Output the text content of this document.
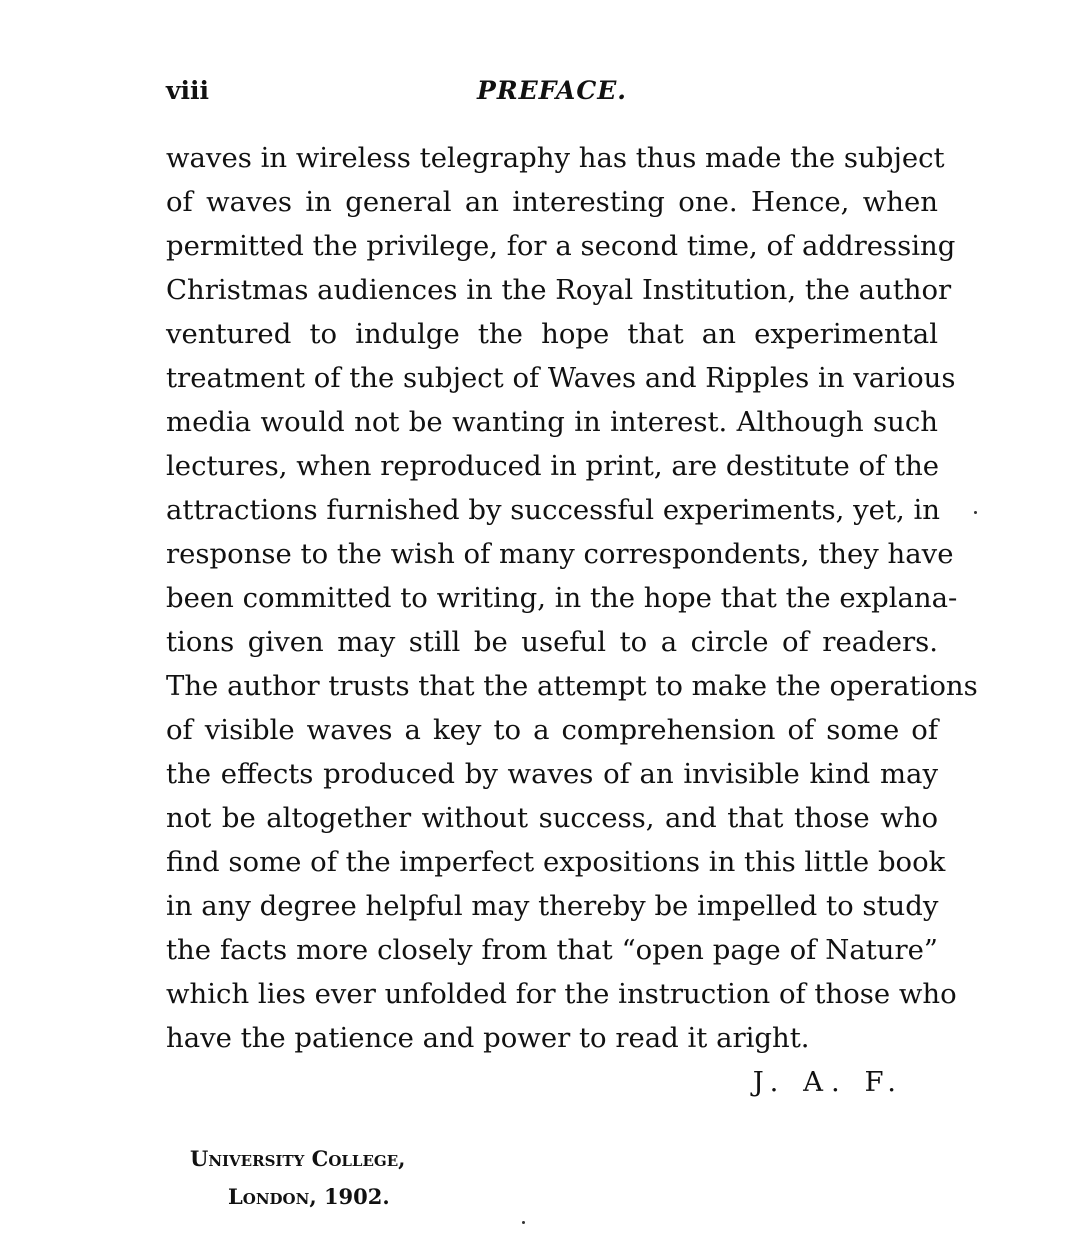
viii	PREFACE.
waves in wireless telegraphy has thus made the subject
of waves in general an interesting one. Hence, when
permitted the privilege, for a second time, of addressing
Christmas audiences in the Royal Institution, the author
ventured to indulge the hope that an experimental
treatment of the subject of Waves and Ripples in various
media would not be wanting in interest. Although such
lectures, when reproduced in print, are destitute of the
attractions furnished by successful experiments, yet, in
response to the wish of many correspondents, they have
been committed to writing, in the hope that the explana-
tions given may still be useful to a circle of readers.
The author trusts that the attempt to make the operations
of visible waves a key to a comprehension of some of
the effects produced by waves of an invisible kind may
not be altogether without success, and that those who
find some of the imperfect expositions in this little book
in any degree helpful may thereby be impelled to study
the facts more closely from that “open page of Nature”
which lies ever unfolded for the instruction of those who
have the patience and power to read it aright.
J. A. F.
University College,
London, 1902.
